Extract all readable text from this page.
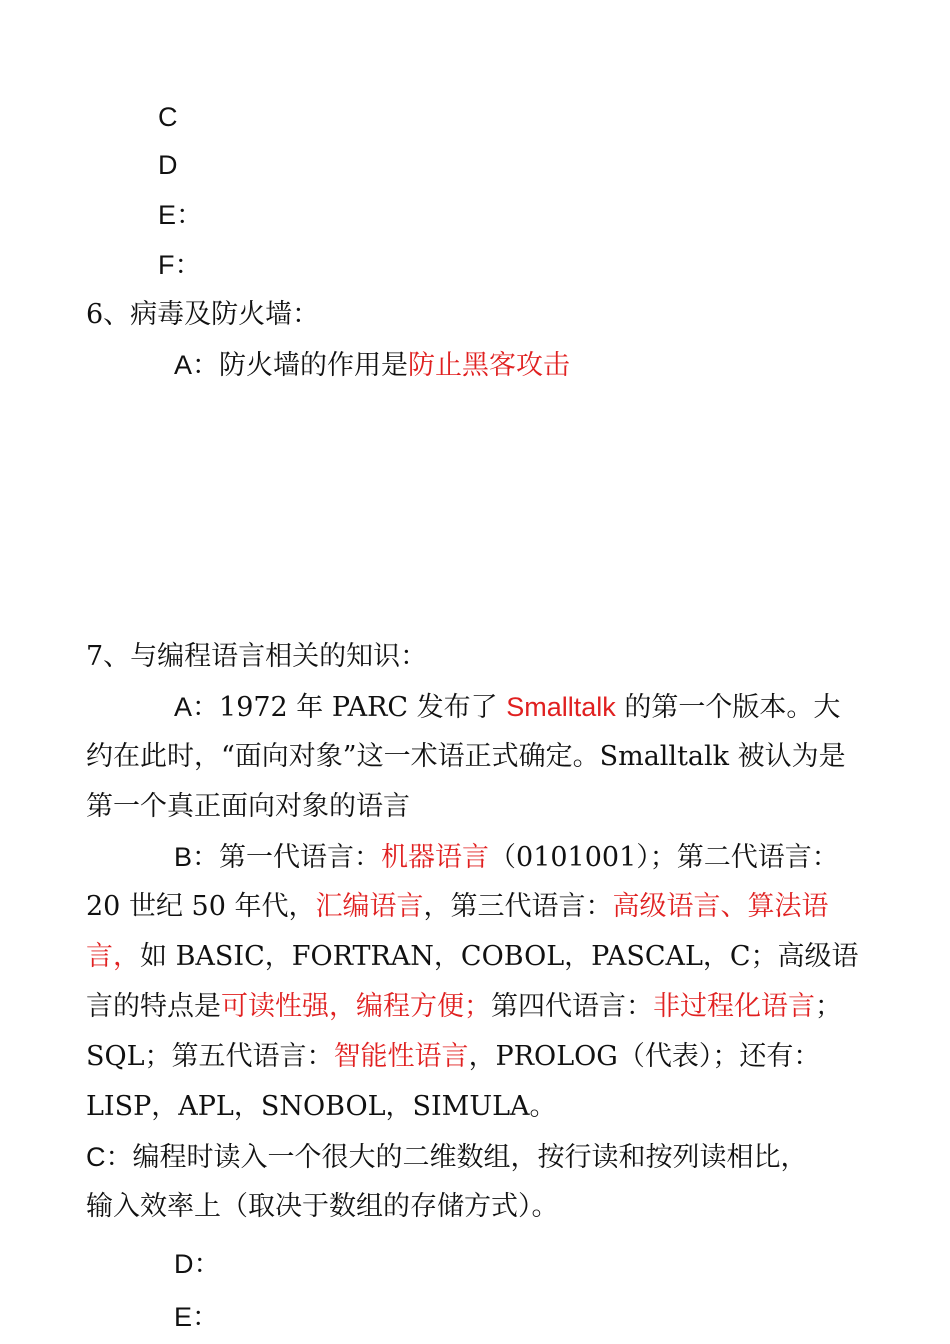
C
D
E：
F：
6、病毒及防火墙：
A：防火墙的作用是防止黑客攻击
7、与编程语言相关的知识：
A：1972 年 PARC 发布了 Smalltalk 的第一个版本。大
约在此时，“面向对象”这一术语正式确定。Smalltalk 被认为是
第一个真正面向对象的语言
B：第一代语言：机器语言（0101001）；第二代语言：
20 世纪 50 年代，汇编语言，第三代语言：高级语言、算法语
言，如 BASIC，FORTRAN，COBOL，PASCAL，C；高级语
言的特点是可读性强，编程方便；第四代语言：非过程化语言；
SQL；第五代语言：智能性语言，PROLOG（代表）；还有：
LISP，APL，SNOBOL，SIMULA。
C：编程时读入一个很大的二维数组，按行读和按列读相比，
输入效率上（取决于数组的存储方式）。
D：
E：
